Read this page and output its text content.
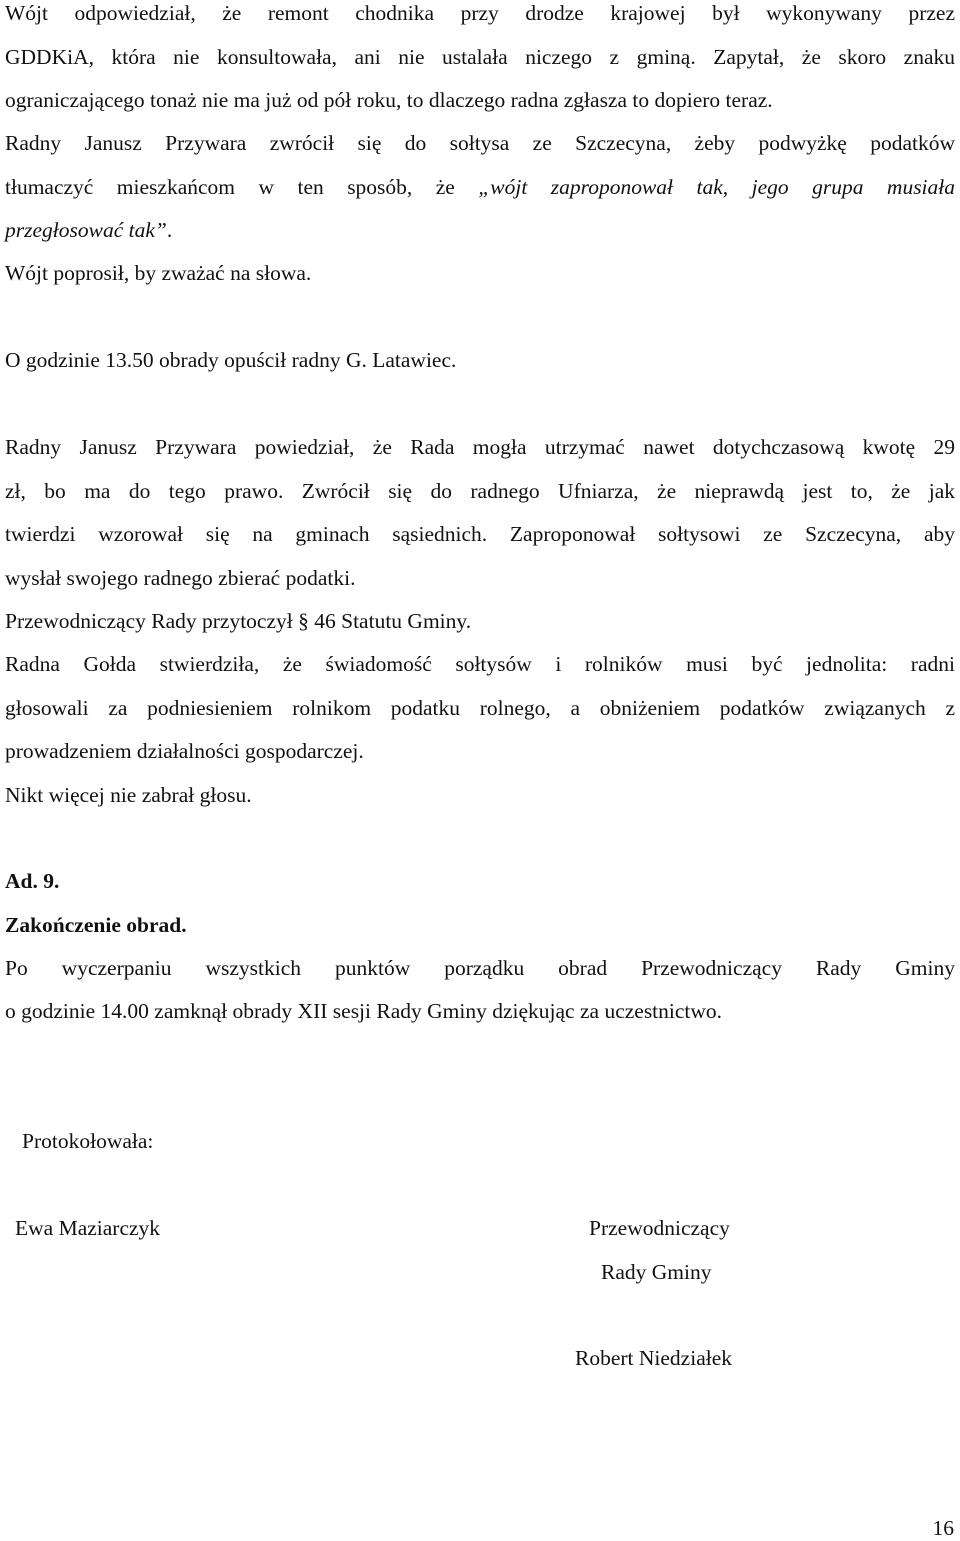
Wójt odpowiedział, że remont chodnika przy drodze krajowej był wykonywany przez
GDDKiA, która nie konsultowała, ani nie ustalała niczego z gminą. Zapytał, że skoro znaku
ograniczającego tonaż nie ma już od pół roku, to dlaczego radna zgłasza to dopiero teraz.
Radny Janusz Przywara zwrócił się do sołtysa ze Szczecyna, żeby podwyżkę podatków
tłumaczyć mieszkańcom w ten sposób, że „wójt zaproponował tak, jego grupa musiała
przegłosować tak”.
Wójt poprosił, by zważać na słowa.
O godzinie 13.50 obrady opuścił radny G. Latawiec.
Radny Janusz Przywara powiedział, że Rada mogła utrzymać nawet dotychczasową kwotę 29
zł, bo ma do tego prawo. Zwrócił się do radnego Ufniarza, że nieprawdą jest to, że jak
twierdzi wzorował się na gminach sąsiednich. Zaproponował sołtysowi ze Szczecyna, aby
wysłał swojego radnego zbierać podatki.
Przewodniczący Rady przytoczył § 46 Statutu Gminy.
Radna Gołda stwierdziła, że świadomość sołtysów i rolników musi być jednolita: radni
głosowali za podniesieniem rolnikom podatku rolnego, a obniżeniem podatków związanych z
prowadzeniem działalności gospodarczej.
Nikt więcej nie zabrał głosu.
Ad. 9.
Zakończenie obrad.
Po wyczerpaniu wszystkich punktów porządku obrad Przewodniczący Rady Gminy
o godzinie 14.00 zamknął obrady XII sesji Rady Gminy dziękując za uczestnictwo.
Protokołowała:
Ewa Maziarczyk	Przewodniczący
Rady Gminy
Robert Niedziałek
16
